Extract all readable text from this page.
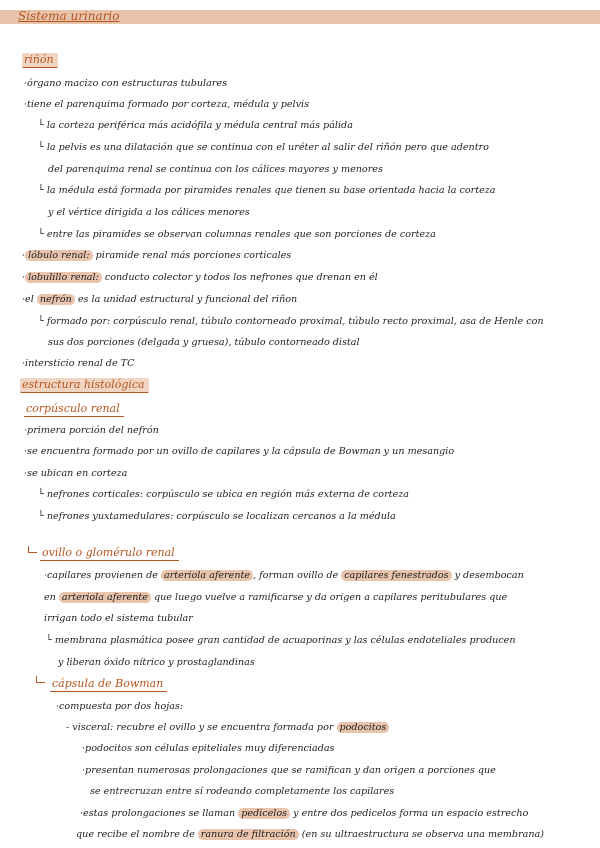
Sistema urinario
riñón
·órgano macizo con estructuras tubulares
·tiene el parenquima formado por corteza, médula y pelvis
└ la corteza periférica más acidófila y médula central más pálida
└ la pelvis es una dilatación que se continua con el uréter al salir del riñón pero que adentro
del parenquima renal se continua con los cálices mayores y menores
└ la médula está formada por piramides renales que tienen su base orientada hacia la corteza
y el vértice dirigida a los cálices menores
└ entre las piramides se observan columnas renales que son porciones de corteza
· lóbulo renal: piramide renal más porciones corticales
· lobulillo renal: conducto colector y todos los nefrones que drenan en él
·el nefrón es la unidad estructural y funcional del riñon
└ formado por: corpúsculo renal, túbulo contorneado proximal, túbulo recto proximal, asa de Henle con
sus dos porciones (delgada y gruesa), túbulo contorneado distal
·intersticio renal de TC
estructura histológica
corpúsculo renal
·primera porción del nefrón
·se encuentra formado por un ovillo de capilares y la cápsula de Bowman y un mesangio
·se ubican en corteza
└ nefrones corticales: corpúsculo se ubica en región más externa de corteza
└ nefrones yuxtamedulares: corpúsculo se localizan cercanos a la médula
ovillo o glomérulo renal
·capilares provienen de arteriola aferente , forman ovillo de capilares fenestrados y desembocan
en arteriola aferente que luego vuelve a ramificarse y da origen a capilares peritubulares que
irrigan todo el sistema tubular
└ membrana plasmática posee gran cantidad de acuaporinas y las células endoteliales producen
y liberan óxido nítrico y prostaglandinas
cápsula de Bowman
·compuesta por dos hojas:
- visceral: recubre el ovillo y se encuentra formada por podocitos
·podocitos son células epiteliales muy diferenciadas
·presentan numerosas prolongaciones que se ramifican y dan origen a porciones que
se entrecruzan entre sí rodeando completamente los capilares
·estas prolongaciones se llaman pedicelos y entre dos pedicelos forma un espacio estrecho
que recibe el nombre de ranura de filtración (en su ultraestructura se observa una membrana)
